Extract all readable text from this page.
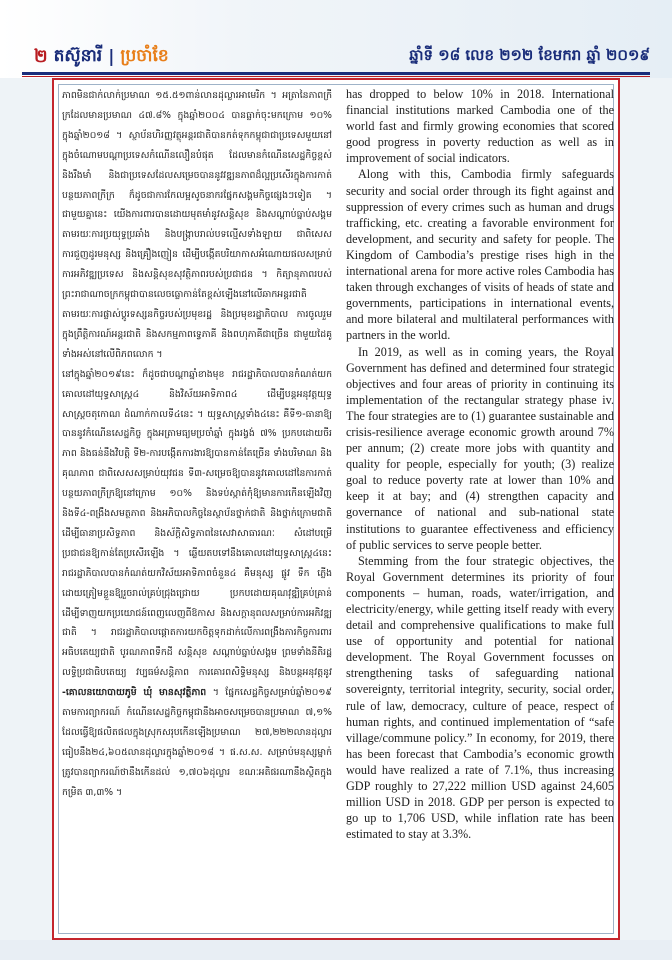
២ តស៊ូនារី | ប្រចាំខែ	ឆ្នាំទី ១៨ លេខ ២១២ ខែមករា ឆ្នាំ ២០១៩

ភាពមិនជាក់លាក់ប្រមាណ ១៥.៥១ពាន់លានដុល្លារអាមេរិក ។ អត្រានៃភាពក្រីក្រដែលមានប្រមាណ ៤៧.៨% ក្នុងឆ្នាំ២០០៤ បានធ្លាក់ចុះមកក្រោម ១០% ក្នុងឆ្នាំ២០១៨ ។ ស្ថាប័នហិរញ្ញវត្ថុអន្តរជាតិបានកត់ទុកកម្ពុជាជាប្រទេសមួយនៅក្នុងចំណោមបណ្តាប្រទេសកំណើនលឿនបំផុត ដែលមានកំណើនសេដ្ឋកិច្ចខ្ពស់ និងរឹងមាំ និងជាប្រទេសដែលសម្រេចបាននូវវឌ្ឍនភាពដ៏ល្អប្រសើរក្នុងការកាត់បន្ថយភាពក្រីក្រ ក៏ដូចជាការកែលម្អសូចនាករផ្នែកសង្គមកិច្ចផ្សេងៗទៀត ។ ជាមួយគ្នានេះ យើងការពារបានដោយមុតមាំនូវសន្តិសុខ និងសណ្តាប់ធ្នាប់សង្គម តាមរយៈការប្រយុទ្ធប្រឆាំង និងបង្ក្រាបរាល់បទល្មើសទាំងឡាយ ជាពិសេសការជួញដូរមនុស្ស និងគ្រឿងញៀន ដើម្បីបង្កើតបរិយាកាសអំណោយផលសម្រាប់ការអភិវឌ្ឍប្រទេស និងសន្តិសុខសុវត្ថិភាពរបស់ប្រជាជន ។ កិត្យានុភាពរបស់ព្រះរាជាណាចក្រកម្ពុជាបានលេចធ្លោកាន់តែខ្ពស់ឡើងនៅលើឆាកអន្តរជាតិ តាមរយៈការផ្លាស់ប្តូរទស្សនកិច្ចរបស់ប្រមុខរដ្ឋ និងប្រមុខរដ្ឋាភិបាល ការចូលរួមក្នុងព្រឹត្តិការណ៍អន្តរជាតិ និងសកម្មភាពទ្វេភាគី និងពហុភាគីជាច្រើន ជាមួយដៃគូទាំងអស់នៅលើពិភពលោក ។

នៅក្នុងឆ្នាំ២០១៩នេះ ក៏ដូចជាបណ្តាឆ្នាំខាងមុខ រាជរដ្ឋាភិបាលបានកំណត់យកគោលដៅយុទ្ធសាស្ត្រ៤ និងវិស័យអាទិភាព៤ ដើម្បីបន្តអនុវត្តយុទ្ធសាស្ត្រចតុកោណ ដំណាក់កាលទី៤នេះ ។ យុទ្ធសាស្ត្រទាំង៤នេះ គឺទី១-ធានាឱ្យបាននូវកំណើនសេដ្ឋកិច្ច ក្នុងអត្រាមធ្យមប្រចាំឆ្នាំ ក្នុងរង្វង់ ៧% ប្រកបដោយចីរភាព និងធន់នឹងវិបត្តិ ទី២-ការបង្កើតការងារឱ្យបានកាន់តែច្រើន ទាំងបរិមាណ និងគុណភាព ជាពិសេសសម្រាប់យុវជន ទី៣-សម្រេចឱ្យបាននូវគោលដៅនៃការកាត់បន្ថយភាពក្រីក្រឱ្យនៅក្រោម ១០% និងទប់ស្កាត់កុំឱ្យមានការកើនឡើងវិញ និងទី៤-ពង្រឹងសមត្ថភាព និងអភិបាលកិច្ចនៃស្ថាប័នថ្នាក់ជាតិ និងថ្នាក់ក្រោមជាតិ ដើម្បីធានាប្រសិទ្ធភាព និងស័ក្តិសិទ្ធភាពនៃសេវាសាធារណៈ សំដៅបម្រើប្រជាជនឱ្យកាន់តែប្រសើរឡើង ។ ឆ្លើយតបទៅនឹងគោលដៅយុទ្ធសាស្ត្រ៤នេះ រាជរដ្ឋាភិបាលបានកំណត់យកវិស័យអាទិភាពចំនួន៤ គឺមនុស្ស ផ្លូវ ទឹក ភ្លើង ដោយត្រៀមខ្លួនឱ្យរួចរាល់គ្រប់ជ្រុងជ្រោយ ប្រកបដោយគុណវុឌ្ឍិគ្រប់គ្រាន់ដើម្បីទាញយកប្រយោជន៍ពេញលេញពីឱកាស និងសក្តានុពលសម្រាប់ការអភិវឌ្ឍជាតិ ។ រាជរដ្ឋាភិបាលផ្តោតការយកចិត្តទុកដាក់លើការពង្រឹងភារកិច្ចការពារអធិបតេយ្យជាតិ បូរណភាពទឹកដី សន្តិសុខ សណ្តាប់ធ្នាប់សង្គម ព្រមទាំងនីតិរដ្ឋ លទ្ធិប្រជាធិបតេយ្យ វប្បធម៌សន្តិភាព ការគោរពសិទ្ធិមនុស្ស និងបន្តអនុវត្តនូវ -គោលនយោបាយភូមិ ឃុំ មានសុវត្ថិភាព ។ ផ្នែកសេដ្ឋកិច្ចសម្រាប់ឆ្នាំ២០១៩ តាមការព្យាករណ៍ កំណើនសេដ្ឋកិច្ចកម្ពុជានឹងអាចសម្រេចបានប្រមាណ ៧,១% ដែលធ្វើឱ្យផលិតផលក្នុងស្រុកសរុបកើនឡើងប្រមាណ ២៧,២២២លានដុល្លារ ធៀបនឹង២៤,៦០៥លានដុល្លារក្នុងឆ្នាំ២០១៨ ។ ផ.ស.ស. សម្រាប់មនុស្សម្នាក់ត្រូវបានព្យាករណ៍ថានឹងកើនដល់ ១,៧០៦ដុល្លារ ខណៈអតិផរណានឹងស្ថិតក្នុងកម្រិត ៣,៣% ។

has dropped to below 10% in 2018. International financial institutions marked Cambodia one of the world fast and firmly growing economies that scored good progress in poverty reduction as well as in improvement of social indicators.

Along with this, Cambodia firmly safeguards security and social order through its fight against and suppression of every crimes such as human and drugs trafficking, etc. creating a favorable environment for development, and security and safety for people. The Kingdom of Cambodia’s prestige rises high in the international arena for more active roles Cambodia has taken through exchanges of visits of heads of state and governments, participations in international events, and more bilateral and multilateral performances with partners in the world.

In 2019, as well as in coming years, the Royal Government has defined and determined four strategic objectives and four areas of priority in continuing its implementation of the rectangular strategy phase iv. The four strategies are to (1) guarantee sustainable and crisis-resilience average economic growth around 7% per annum; (2) create more jobs with quantity and quality for people, especially for youth; (3) realize goal to reduce poverty rate at lower than 10% and keep it at bay; and (4) strengthen capacity and governance of national and sub-national state institutions to guarantee effectiveness and efficiency of public services to serve people better.

Stemming from the four strategic objectives, the Royal Government determines its priority of four components – human, roads, water/irrigation, and electricity/energy, while getting itself ready with every detail and comprehensive qualifications to make full use of opportunity and potential for national development. The Royal Government focusses on strengthening tasks of safeguarding national sovereignty, territorial integrity, security, social order, rule of law, democracy, culture of peace, respect of human rights, and continued implementation of “safe village/commune policy.” In economy, for 2019, there has been forecast that Cambodia’s economic growth would have realized a rate of 7.1%, thus increasing GDP roughly to 27,222 million USD against 24,605 million USD in 2018. GDP per person is expected to go up to 1,706 USD, while inflation rate has been estimated to stay at 3.3%.
